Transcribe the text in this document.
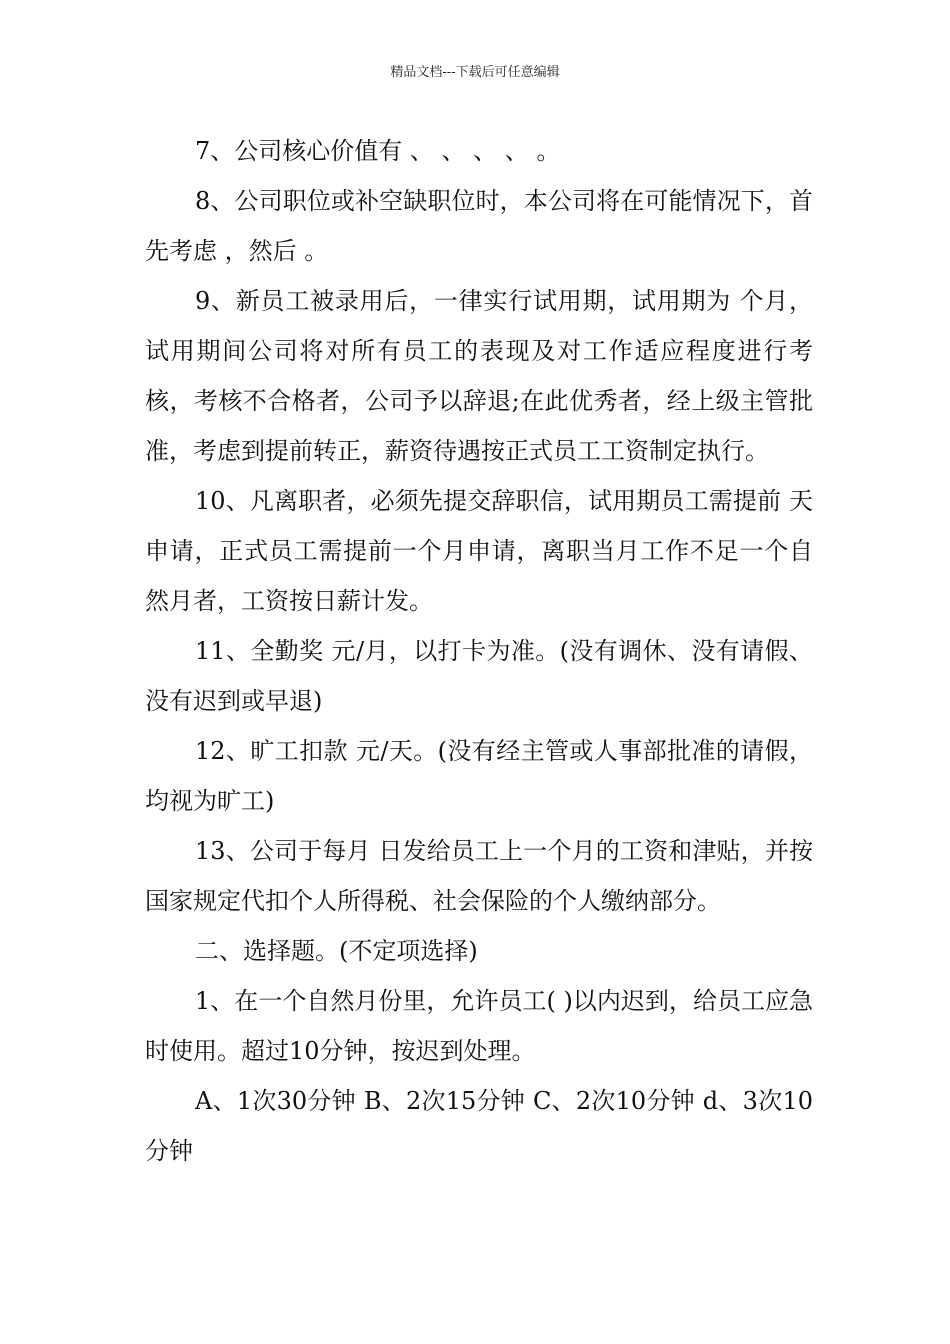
精品文档---下载后可任意编辑

7、公司核心价值有 、 、 、 、 。

8、公司职位或补空缺职位时，本公司将在可能情况下，首先考虑 ，然后 。

9、新员工被录用后，一律实行试用期，试用期为 个月，试用期间公司将对所有员工的表现及对工作适应程度进行考核，考核不合格者，公司予以辞退;在此优秀者，经上级主管批准，考虑到提前转正，薪资待遇按正式员工工资制定执行。

10、凡离职者，必须先提交辞职信，试用期员工需提前 天申请，正式员工需提前一个月申请，离职当月工作不足一个自然月者，工资按日薪计发。

11、全勤奖 元/月，以打卡为准。(没有调休、没有请假、没有迟到或早退)

12、旷工扣款 元/天。(没有经主管或人事部批准的请假，均视为旷工)

13、公司于每月 日发给员工上一个月的工资和津贴，并按国家规定代扣个人所得税、社会保险的个人缴纳部分。

二、选择题。(不定项选择)

1、在一个自然月份里，允许员工( )以内迟到，给员工应急时使用。超过10分钟，按迟到处理。

A、1次30分钟 B、2次15分钟 C、2次10分钟 d、3次10分钟
